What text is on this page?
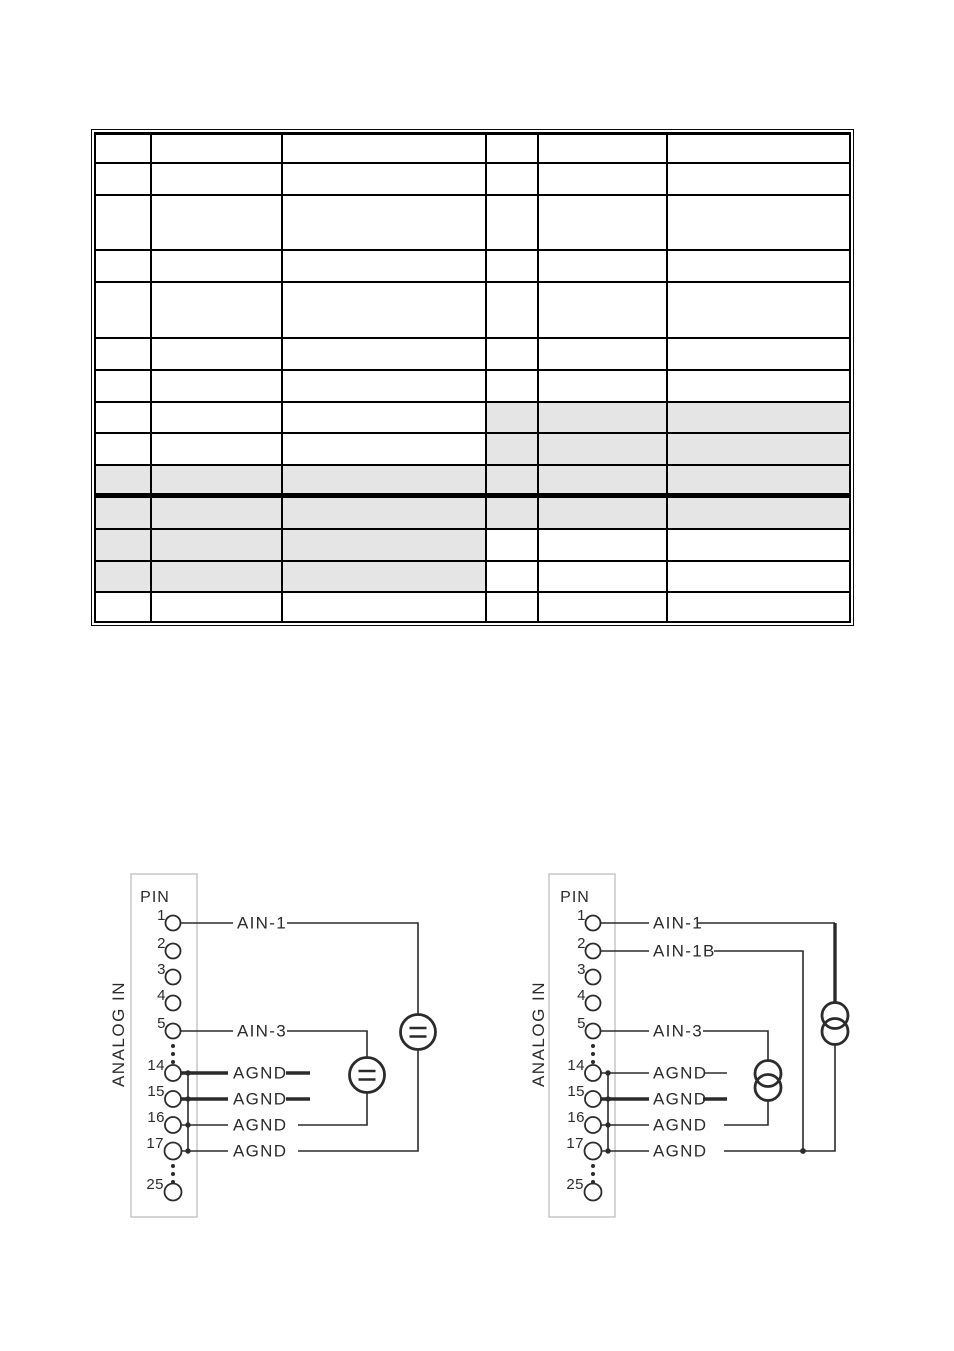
PIN
ANALOG IN
1
2
3
4
5
14
15
16
17
25
AIN-1
AIN-3
AGND
AGND
AGND
AGND
PIN
ANALOG IN
1
2
3
4
5
14
15
16
17
25
AIN-1
AIN-1B
AIN-3
AGND
AGND
AGND
AGND
